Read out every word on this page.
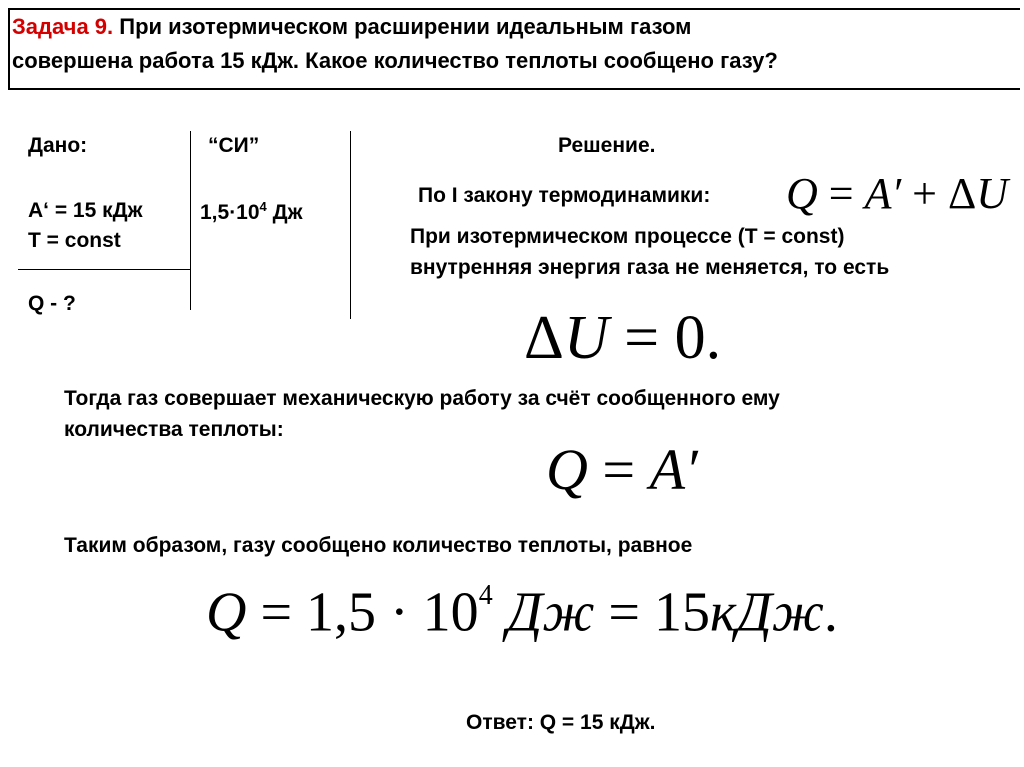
Задача 9. При изотермическом расширении идеальным газом
совершена работа 15 кДж. Какое количество теплоты сообщено газу?
Дано:	“СИ”
A‘ = 15 кДж
T = const
Q - ?
$1,5\cdot 10^4$ Дж
Решение.
По I закону термодинамики: Q = A′ + ΔU
При изотермическом процессе (T = const)
внутренняя энергия газа не меняется, то есть
ΔU = 0.
Тогда газ совершает механическую работу за счёт сообщенного ему
количества теплоты:
Q = A′
Таким образом, газу сообщено количество теплоты, равное
$Q = 1,5 \cdot 10^4$ Дж = 15кДж.
Ответ: Q = 15 кДж.
